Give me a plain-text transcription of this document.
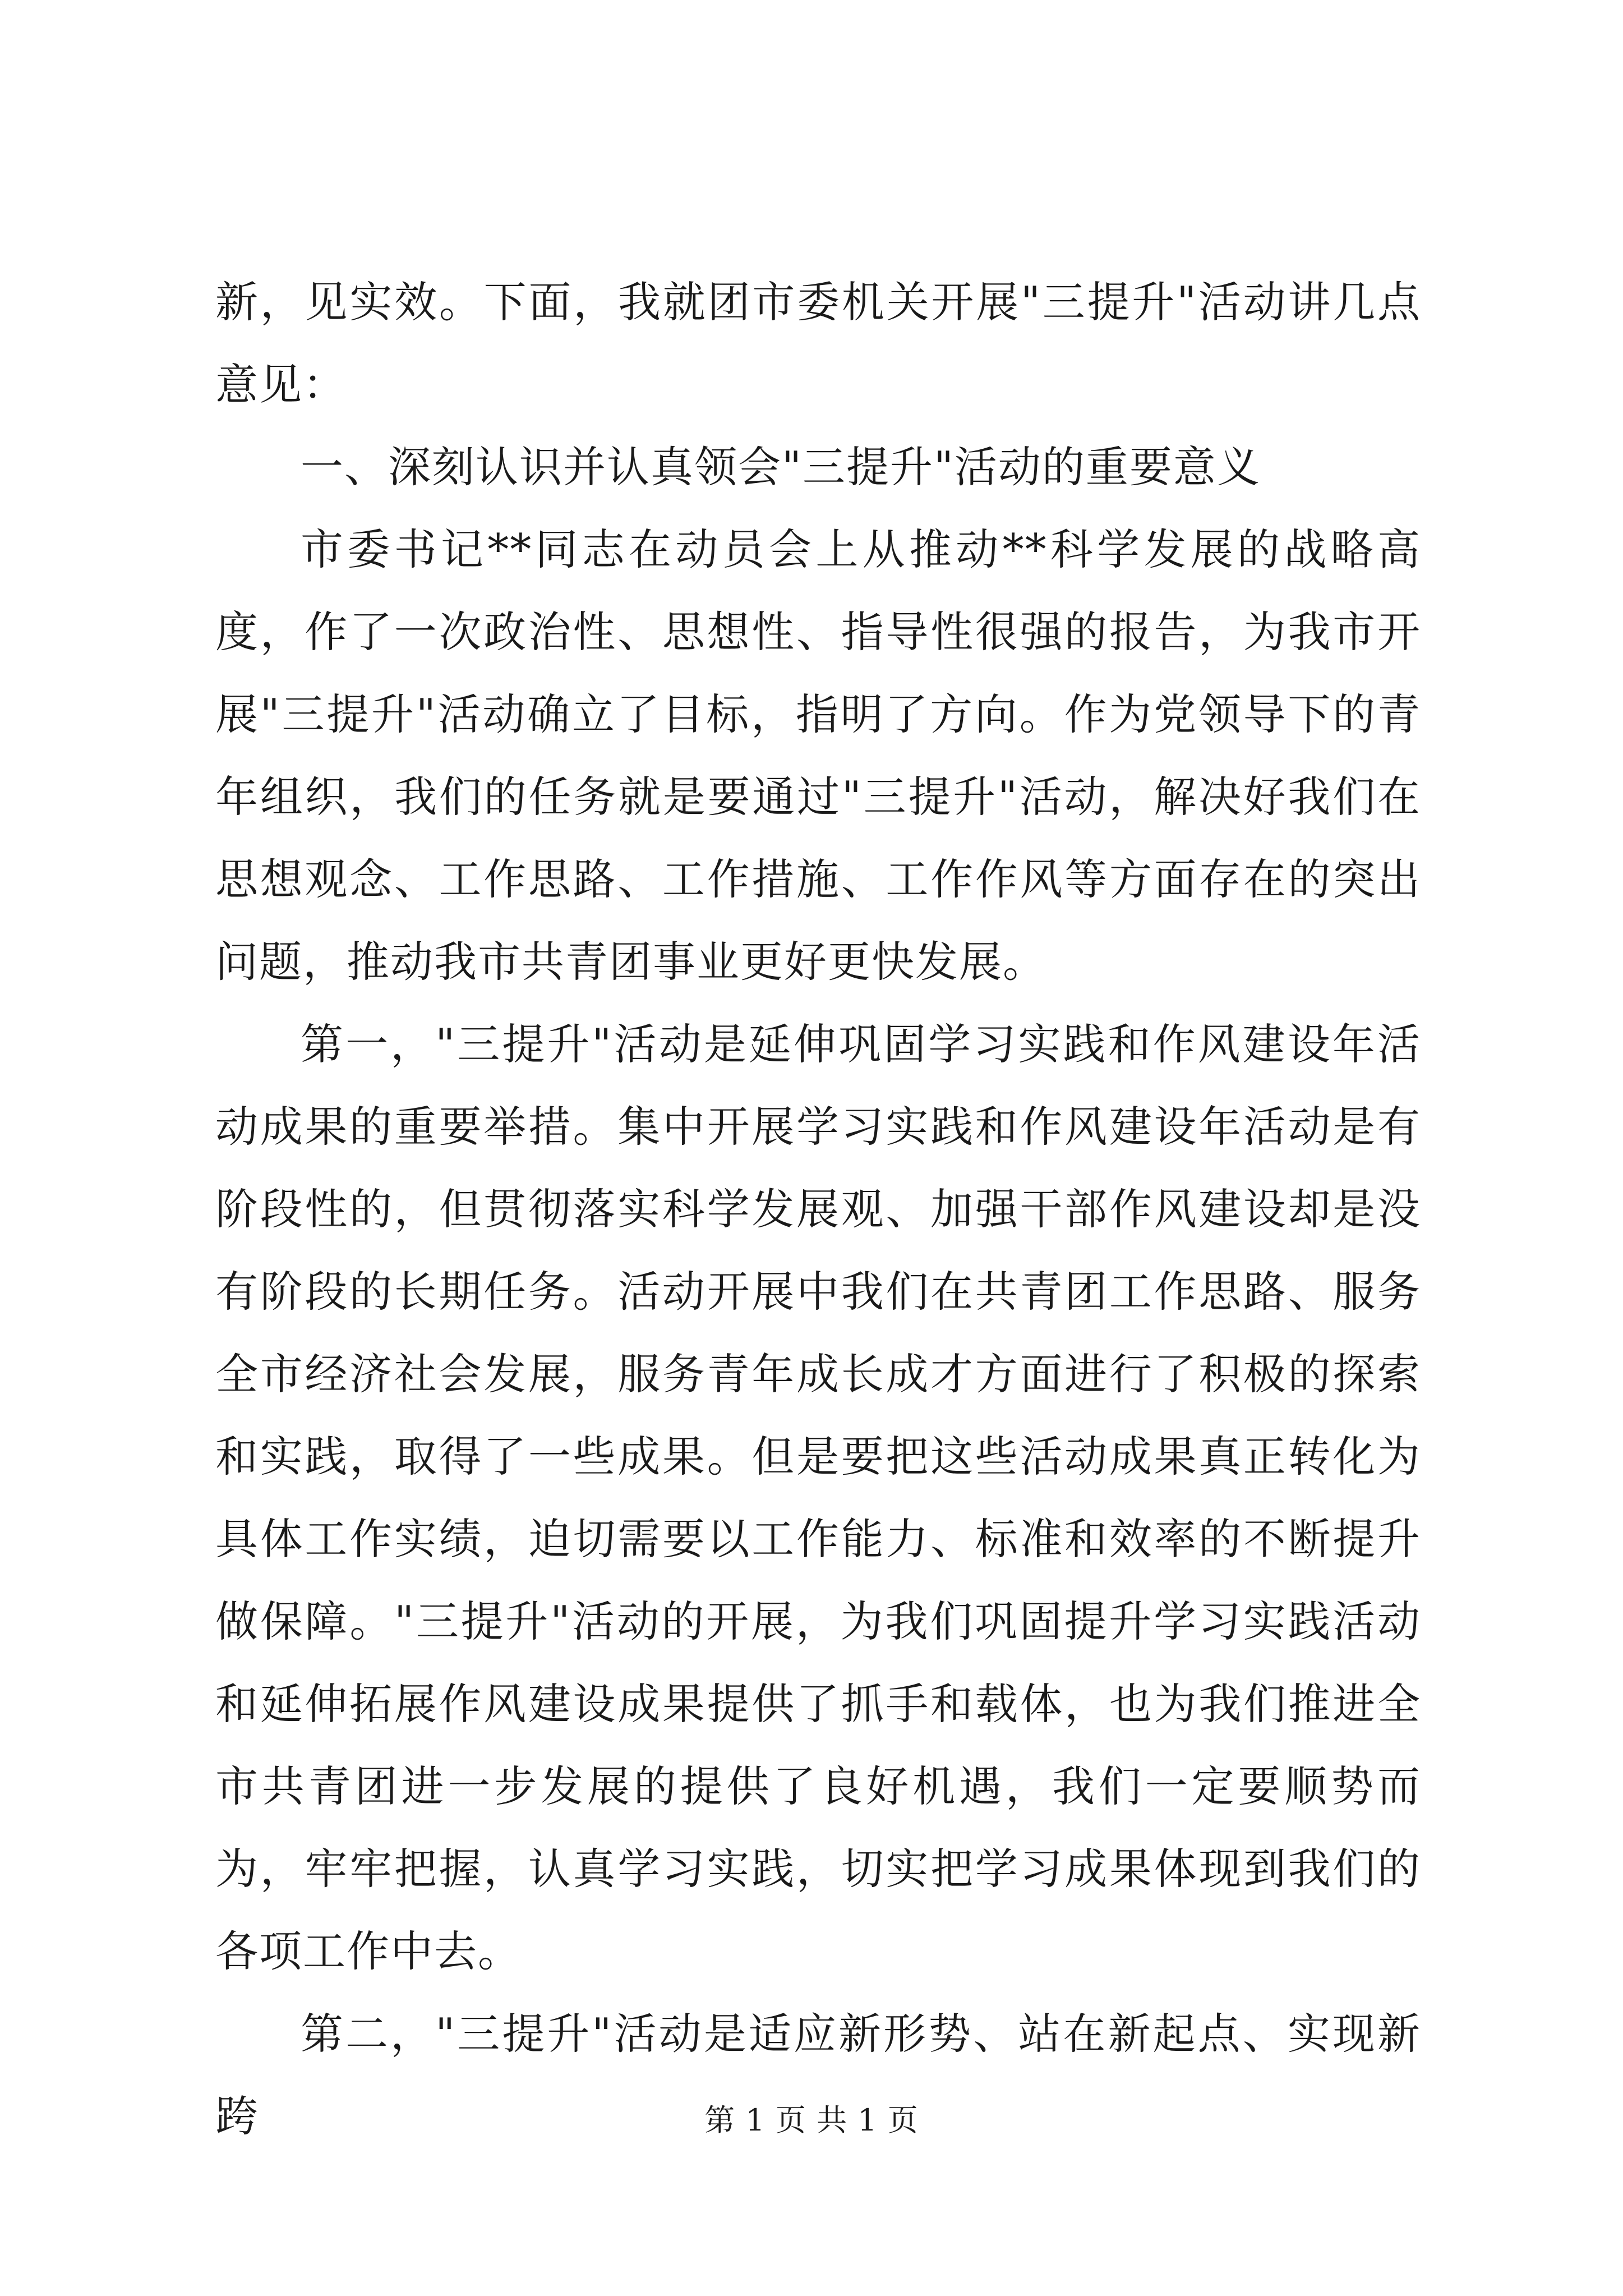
新，见实效。下面，我就团市委机关开展"三提升"活动讲几点意见：

一、深刻认识并认真领会"三提升"活动的重要意义

市委书记**同志在动员会上从推动**科学发展的战略高度，作了一次政治性、思想性、指导性很强的报告，为我市开展"三提升"活动确立了目标，指明了方向。作为党领导下的青年组织，我们的任务就是要通过"三提升"活动，解决好我们在思想观念、工作思路、工作措施、工作作风等方面存在的突出问题，推动我市共青团事业更好更快发展。

第一，"三提升"活动是延伸巩固学习实践和作风建设年活动成果的重要举措。集中开展学习实践和作风建设年活动是有阶段性的，但贯彻落实科学发展观、加强干部作风建设却是没有阶段的长期任务。活动开展中我们在共青团工作思路、服务全市经济社会发展，服务青年成长成才方面进行了积极的探索和实践，取得了一些成果。但是要把这些活动成果真正转化为具体工作实绩，迫切需要以工作能力、标准和效率的不断提升做保障。"三提升"活动的开展，为我们巩固提升学习实践活动和延伸拓展作风建设成果提供了抓手和载体，也为我们推进全市共青团进一步发展的提供了良好机遇，我们一定要顺势而为，牢牢把握，认真学习实践，切实把学习成果体现到我们的各项工作中去。

第二，"三提升"活动是适应新形势、站在新起点、实现新跨	第 1 页 共 1 页
